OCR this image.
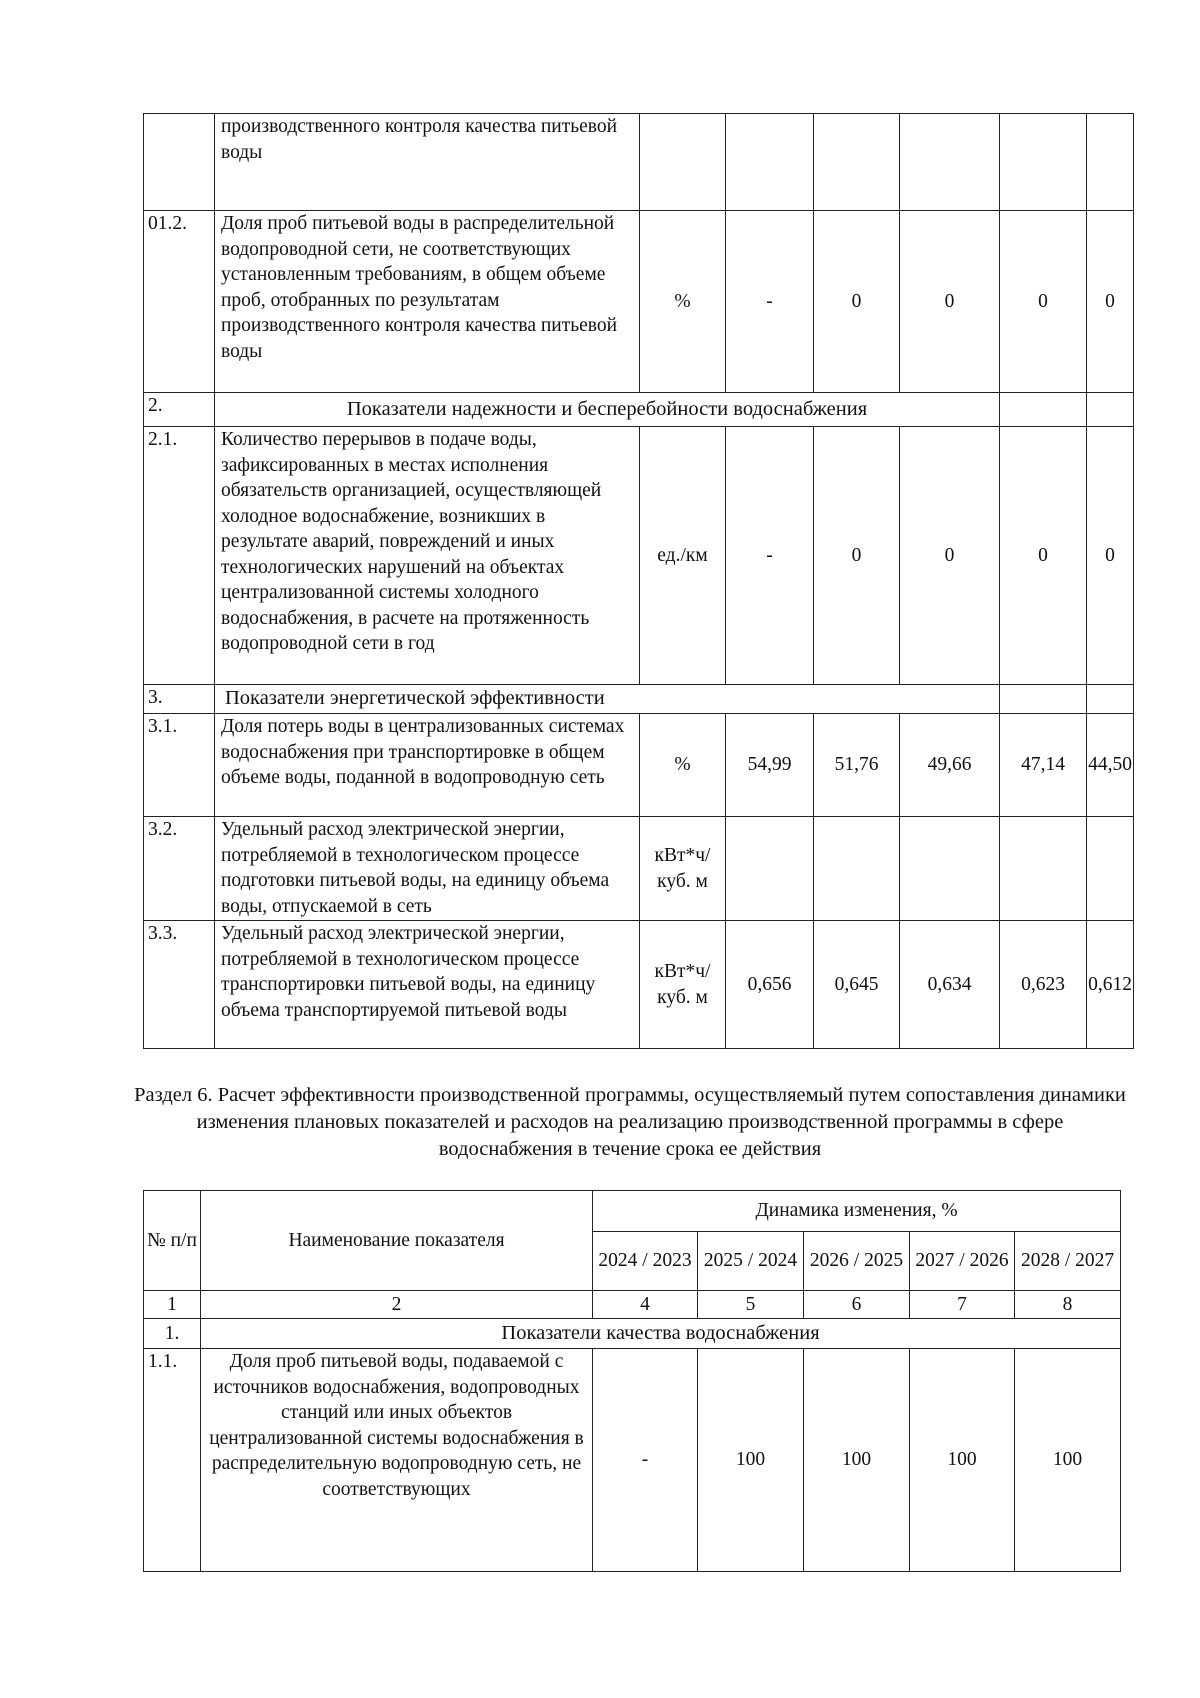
	производственного контроля качества питьевой воды						
01.2.	Доля проб питьевой воды в распределительной водопроводной сети, не соответствующих установленным требованиям, в общем объеме проб, отобранных по результатам производственного контроля качества питьевой воды	%	-	0	0	0	0
2.	Показатели надежности и бесперебойности водоснабжения						
2.1.	Количество перерывов в подаче воды, зафиксированных в местах исполнения обязательств организацией, осуществляющей холодное водоснабжение, возникших в результате аварий, повреждений и иных технологических нарушений на объектах централизованной системы холодного водоснабжения, в расчете на протяженность водопроводной сети в год	ед./км	-	0	0	0	0
3.	Показатели энергетической эффективности						
3.1.	Доля потерь воды в централизованных системах водоснабжения при транспортировке в общем объеме воды, поданной в водопроводную сеть	%	54,99	51,76	49,66	47,14	44,50
3.2.	Удельный расход электрической энергии, потребляемой в технологическом процессе подготовки питьевой воды, на единицу объема воды, отпускаемой в сеть	кВт*ч/ куб. м					
3.3.	Удельный расход электрической энергии, потребляемой в технологическом процессе транспортировки питьевой воды, на единицу объема транспортируемой питьевой воды	кВт*ч/ куб. м	0,656	0,645	0,634	0,623	0,612
Раздел 6. Расчет эффективности производственной программы, осуществляемый путем сопоставления динамики изменения плановых показателей и расходов на реализацию производственной программы в сфере водоснабжения в течение срока ее действия
№ п/п	Наименование показателя	Динамика изменения, %				
		2024 / 2023	2025 / 2024	2026 / 2025	2027 / 2026	2028 / 2027
1	2	4	5	6	7	8
1.	Показатели качества водоснабжения					
1.1.	Доля проб питьевой воды, подаваемой с источников водоснабжения, водопроводных станций или иных объектов централизованной системы водоснабжения в распределительную водопроводную сеть, не соответствующих	-	100	100	100	100
